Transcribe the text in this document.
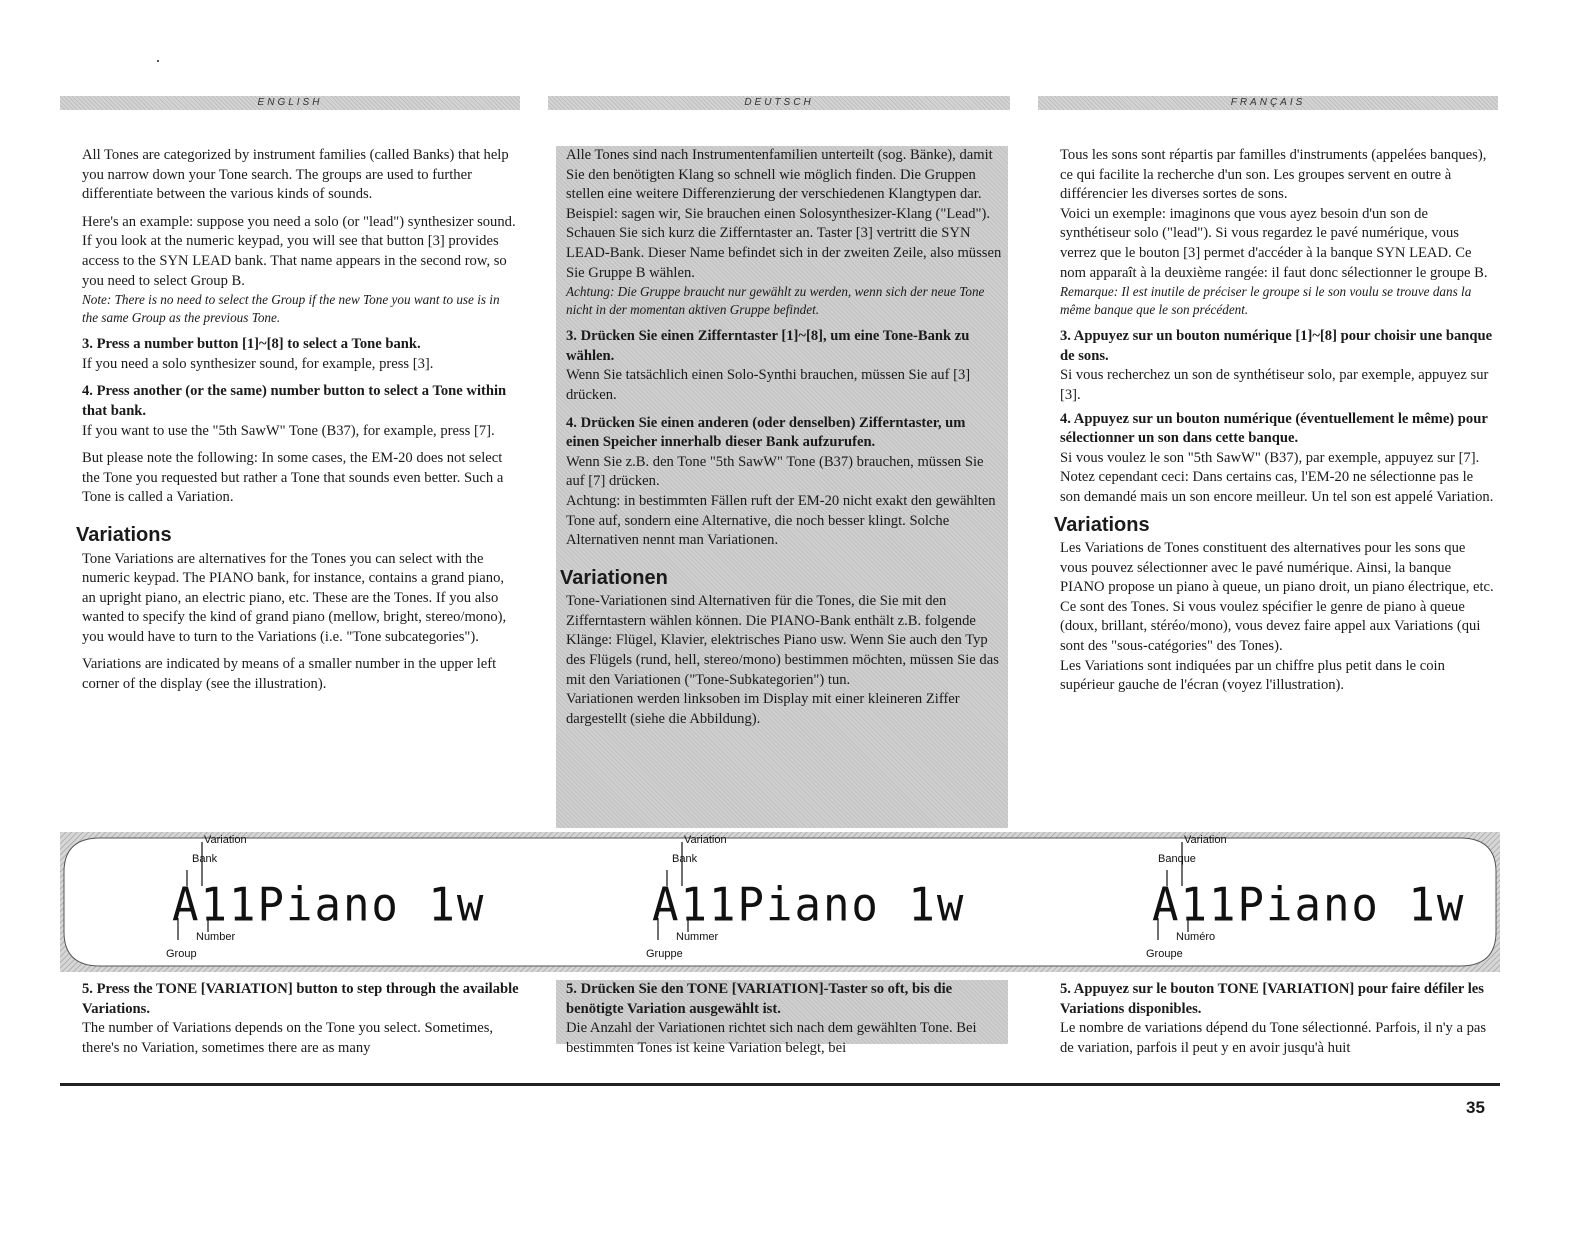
ENGLISH	DEUTSCH	FRANÇAIS

All Tones are categorized by instrument families (called Banks) that help you narrow down your Tone search. The groups are used to further differentiate between the various kinds of sounds.

Here's an example: suppose you need a solo (or "lead") synthesizer sound. If you look at the numeric keypad, you will see that button [3] provides access to the SYN LEAD bank. That name appears in the second row, so you need to select Group B.

Note: There is no need to select the Group if the new Tone you want to use is in the same Group as the previous Tone.

3. Press a number button [1]~[8] to select a Tone bank.
If you need a solo synthesizer sound, for example, press [3].

4. Press another (or the same) number button to select a Tone within that bank.
If you want to use the "5th SawW" Tone (B37), for example, press [7].

But please note the following: In some cases, the EM-20 does not select the Tone you requested but rather a Tone that sounds even better. Such a Tone is called a Variation.

Variations

Tone Variations are alternatives for the Tones you can select with the numeric keypad. The PIANO bank, for instance, contains a grand piano, an upright piano, an electric piano, etc. These are the Tones. If you also wanted to specify the kind of grand piano (mellow, bright, stereo/mono), you would have to turn to the Variations (i.e. "Tone subcategories").

Variations are indicated by means of a smaller number in the upper left corner of the display (see the illustration).

Alle Tones sind nach Instrumentenfamilien unterteilt (sog. Bänke), damit Sie den benötigten Klang so schnell wie möglich finden. Die Gruppen stellen eine weitere Differenzierung der verschiedenen Klangtypen dar.

Beispiel: sagen wir, Sie brauchen einen Solosynthesizer-Klang ("Lead"). Schauen Sie sich kurz die Zifferntaster an. Taster [3] vertritt die SYN LEAD-Bank. Dieser Name befindet sich in der zweiten Zeile, also müssen Sie Gruppe B wählen.

Achtung: Die Gruppe braucht nur gewählt zu werden, wenn sich der neue Tone nicht in der momentan aktiven Gruppe befindet.

3. Drücken Sie einen Zifferntaster [1]~[8], um eine Tone-Bank zu wählen.
Wenn Sie tatsächlich einen Solo-Synthi brauchen, müssen Sie auf [3] drücken.

4. Drücken Sie einen anderen (oder denselben) Zifferntaster, um einen Speicher innerhalb dieser Bank aufzurufen.
Wenn Sie z.B. den Tone "5th SawW" Tone (B37) brauchen, müssen Sie auf [7] drücken.

Achtung: in bestimmten Fällen ruft der EM-20 nicht exakt den gewählten Tone auf, sondern eine Alternative, die noch besser klingt. Solche Alternativen nennt man Variationen.

Variationen

Tone-Variationen sind Alternativen für die Tones, die Sie mit den Zifferntastern wählen können. Die PIANO-Bank enthält z.B. folgende Klänge: Flügel, Klavier, elektrisches Piano usw. Wenn Sie auch den Typ des Flügels (rund, hell, stereo/mono) bestimmen möchten, müssen Sie das mit den Variationen ("Tone-Subkategorien") tun.

Variationen werden linksoben im Display mit einer kleineren Ziffer dargestellt (siehe die Abbildung).

Tous les sons sont répartis par familles d'instruments (appelées banques), ce qui facilite la recherche d'un son. Les groupes servent en outre à différencier les diverses sortes de sons.

Voici un exemple: imaginons que vous ayez besoin d'un son de synthétiseur solo ("lead"). Si vous regardez le pavé numérique, vous verrez que le bouton [3] permet d'accéder à la banque SYN LEAD. Ce nom apparaît à la deuxième rangée: il faut donc sélectionner le groupe B.

Remarque: Il est inutile de préciser le groupe si le son voulu se trouve dans la même banque que le son précédent.

3. Appuyez sur un bouton numérique [1]~[8] pour choisir une banque de sons.
Si vous recherchez un son de synthétiseur solo, par exemple, appuyez sur [3].

4. Appuyez sur un bouton numérique (éventuellement le même) pour sélectionner un son dans cette banque.
Si vous voulez le son "5th SawW" (B37), par exemple, appuyez sur [7]. Notez cependant ceci: Dans certains cas, l'EM-20 ne sélectionne pas le son demandé mais un son encore meilleur. Un tel son est appelé Variation.

Variations

Les Variations de Tones constituent des alternatives pour les sons que vous pouvez sélectionner avec le pavé numérique. Ainsi, la banque PIANO propose un piano à queue, un piano droit, un piano électrique, etc. Ce sont des Tones. Si vous voulez spécifier le genre de piano à queue (doux, brillant, stéréo/mono), vous devez faire appel aux Variations (qui sont des "sous-catégories" des Tones).

Les Variations sont indiquées par un chiffre plus petit dans le coin supérieur gauche de l'écran (voyez l'illustration).

A11Piano 1w	A11Piano 1w	A11Piano 1w
Variation
Bank
Number
Group
Variation
Bank
Nummer
Gruppe
Variation
Banque
Numéro
Groupe

5. Press the TONE [VARIATION] button to step through the available Variations.
The number of Variations depends on the Tone you select. Sometimes, there's no Variation, sometimes there are as many

5. Drücken Sie den TONE [VARIATION]-Taster so oft, bis die benötigte Variation ausgewählt ist.
Die Anzahl der Variationen richtet sich nach dem gewählten Tone. Bei bestimmten Tones ist keine Variation belegt, bei

5. Appuyez sur le bouton TONE [VARIATION] pour faire défiler les Variations disponibles.
Le nombre de variations dépend du Tone sélectionné. Parfois, il n'y a pas de variation, parfois il peut y en avoir jusqu'à huit

35
